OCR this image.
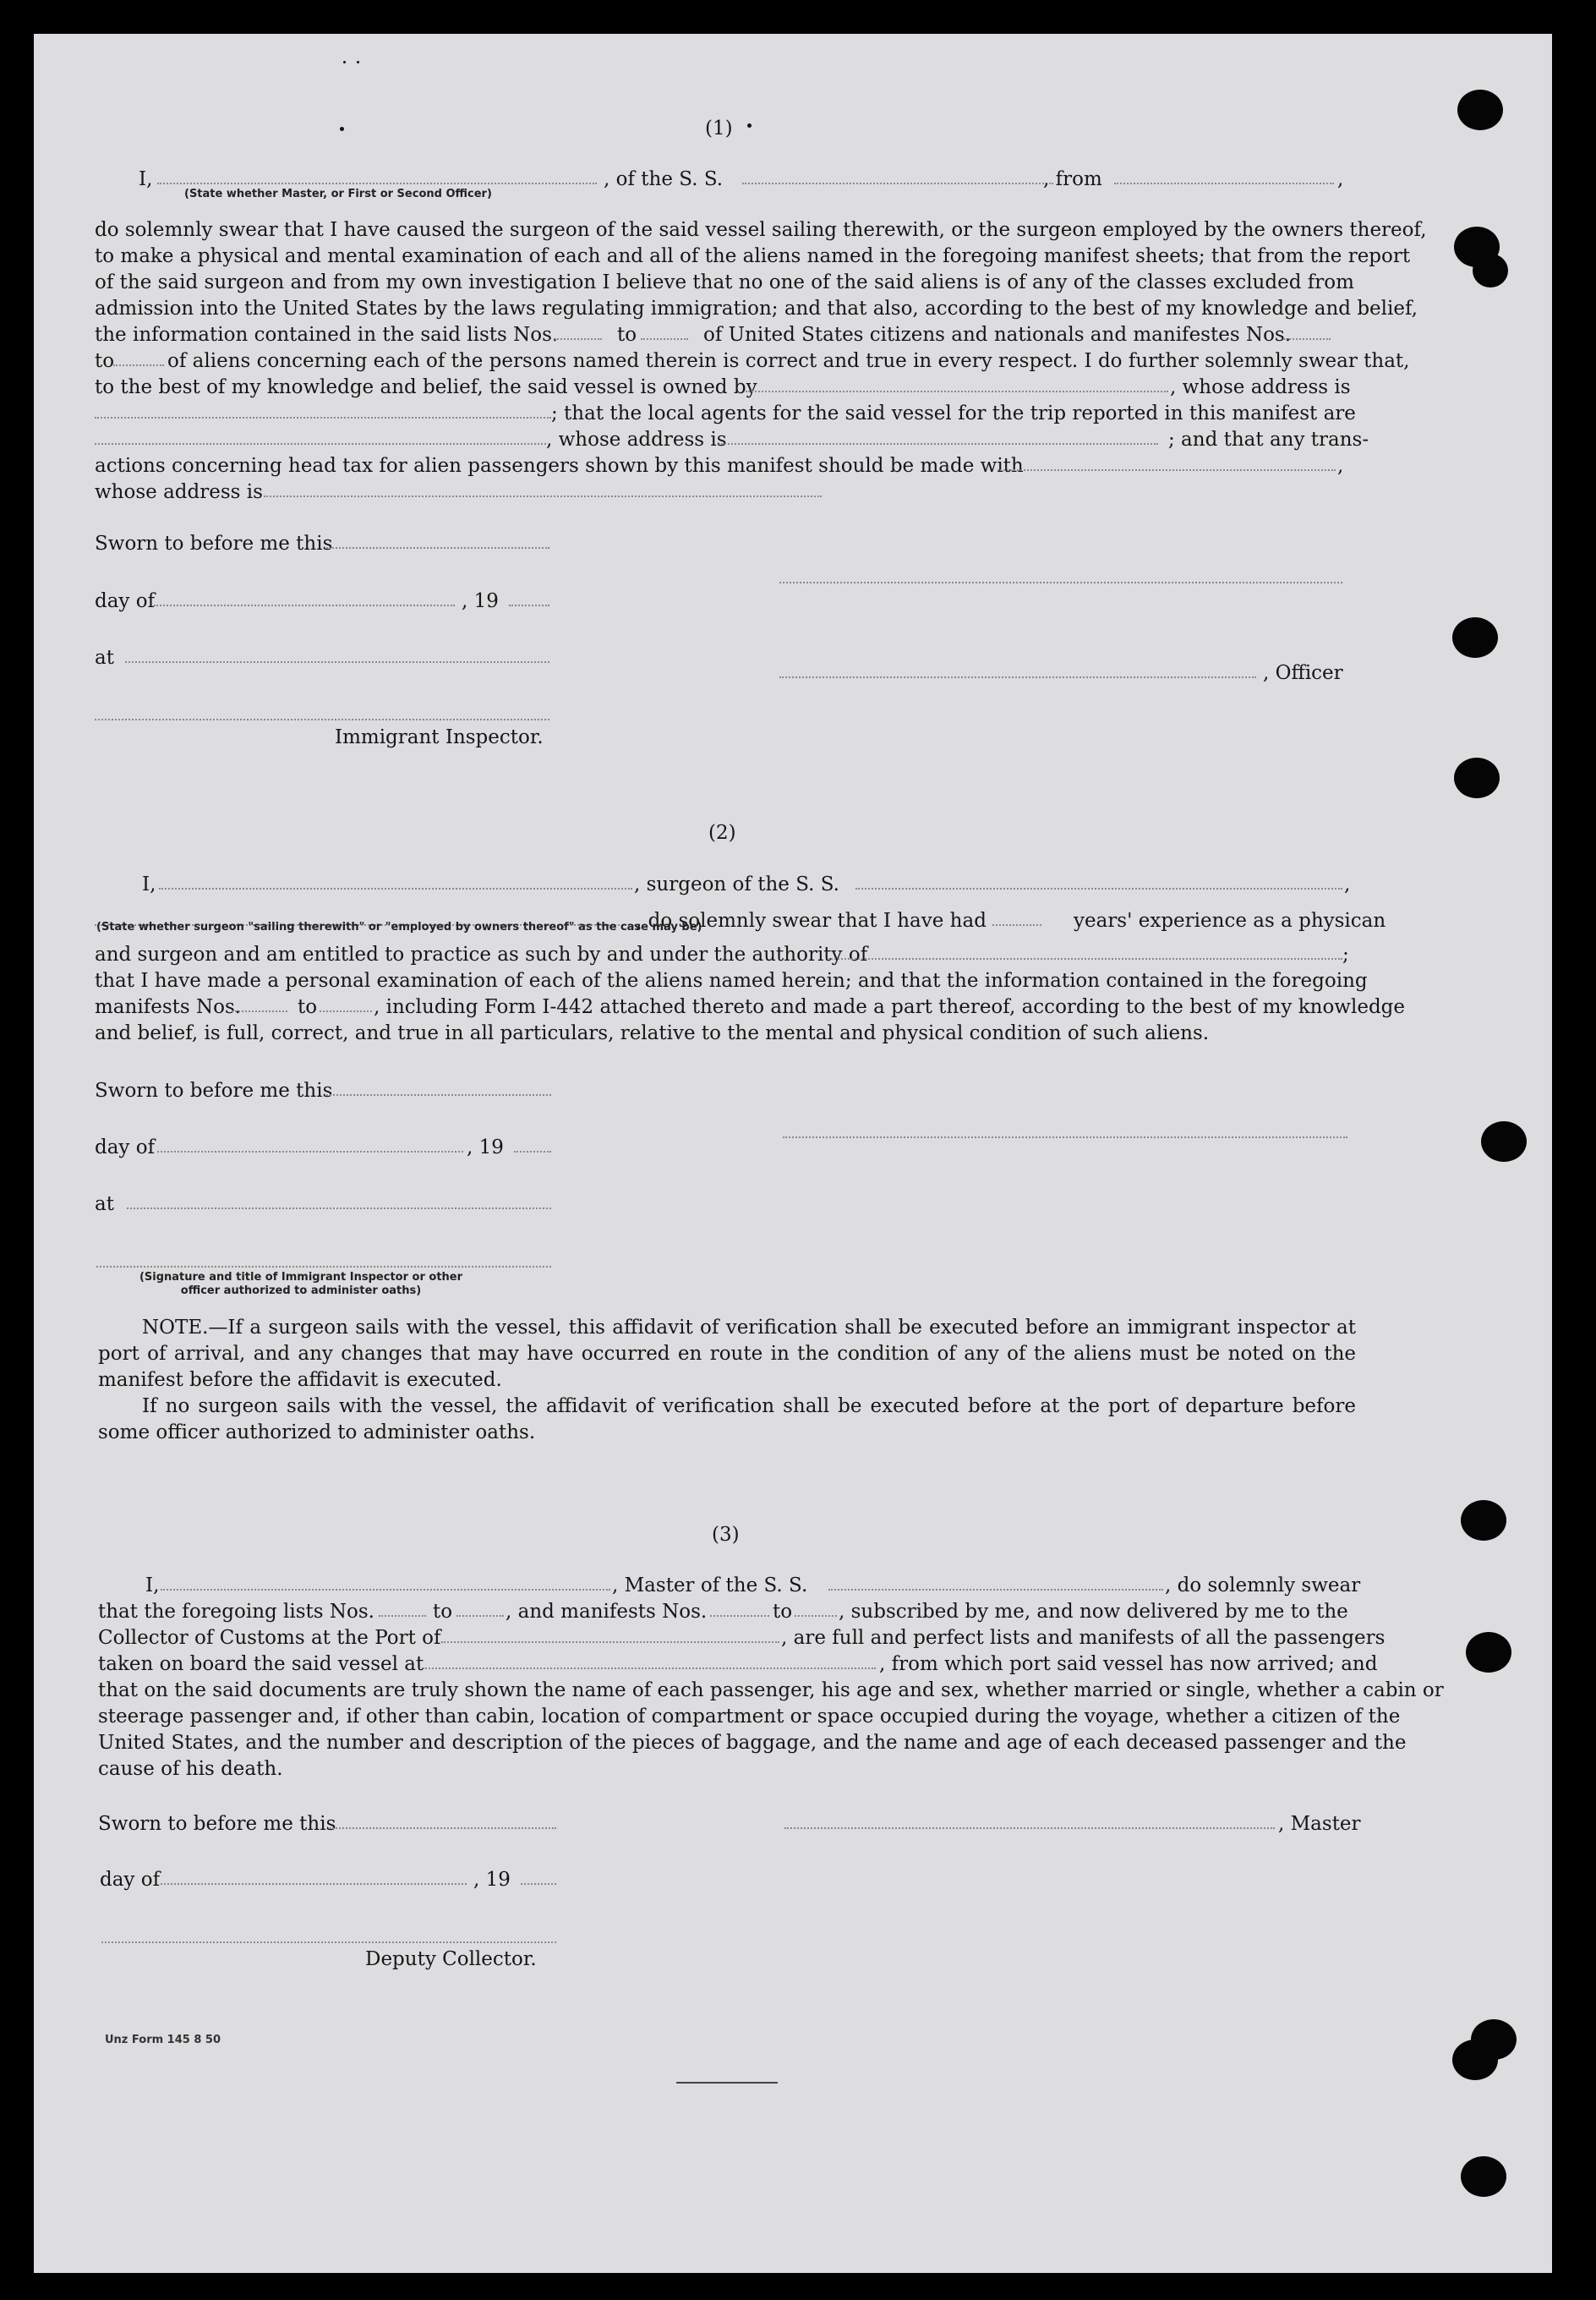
(1)
I,	, of the S. S.	, from	,
(State whether Master, or First or Second Officer)
do solemnly swear that I have caused the surgeon of the said vessel sailing therewith, or the surgeon employed by the owners thereof,
to make a physical and mental examination of each and all of the aliens named in the foregoing manifest sheets; that from the report
of the said surgeon and from my own investigation I believe that no one of the said aliens is of any of the classes excluded from
admission into the United States by the laws regulating immigration; and that also, according to the best of my knowledge and belief,
the information contained in the said lists Nos.	to	of United States citizens and nationals and manifestes Nos.
to	of aliens concerning each of the persons named therein is correct and true in every respect. I do further solemnly swear that,
to the best of my knowledge and belief, the said vessel is owned by	, whose address is
; that the local agents for the said vessel for the trip reported in this manifest are
, whose address is	; and that any trans-
actions concerning head tax for alien passengers shown by this manifest should be made with	,
whose address is
Sworn to before me this
day of	, 19
at
, Officer
Immigrant Inspector.
(2)
I,	, surgeon of the S. S.	,
, do solemnly swear that I have had	years' experience as a physican
(State whether surgeon "sailing therewith" or "employed by owners thereof" as the case may be)
and surgeon and am entitled to practice as such by and under the authority of	;
that I have made a personal examination of each of the aliens named herein; and that the information contained in the foregoing
manifests Nos.	to	, including Form I-442 attached thereto and made a part thereof, according to the best of my knowledge
and belief, is full, correct, and true in all particulars, relative to the mental and physical condition of such aliens.
Sworn to before me this
day of	, 19
at
(Signature and title of Immigrant Inspector or other
officer authorized to administer oaths)
NOTE.—If a surgeon sails with the vessel, this affidavit of verification shall be executed before an immigrant inspector at port of arrival, and any changes that may have occurred en route in the condition of any of the aliens must be noted on the manifest before the affidavit is executed.
If no surgeon sails with the vessel, the affidavit of verification shall be executed before at the port of departure before some officer authorized to administer oaths.
(3)
I,	, Master of the S. S.	, do solemnly swear
that the foregoing lists Nos.	to	, and manifests Nos.	to , subscribed by me, and now delivered by me to the
Collector of Customs at the Port of	, are full and perfect lists and manifests of all the passengers
taken on board the said vessel at	, from which port said vessel has now arrived; and
that on the said documents are truly shown the name of each passenger, his age and sex, whether married or single, whether a cabin or
steerage passenger and, if other than cabin, location of compartment or space occupied during the voyage, whether a citizen of the
United States, and the number and description of the pieces of baggage, and the name and age of each deceased passenger and the
cause of his death.
Sworn to before me this	, Master
day of	, 19
Deputy Collector.
Unz Form 145 8 50
